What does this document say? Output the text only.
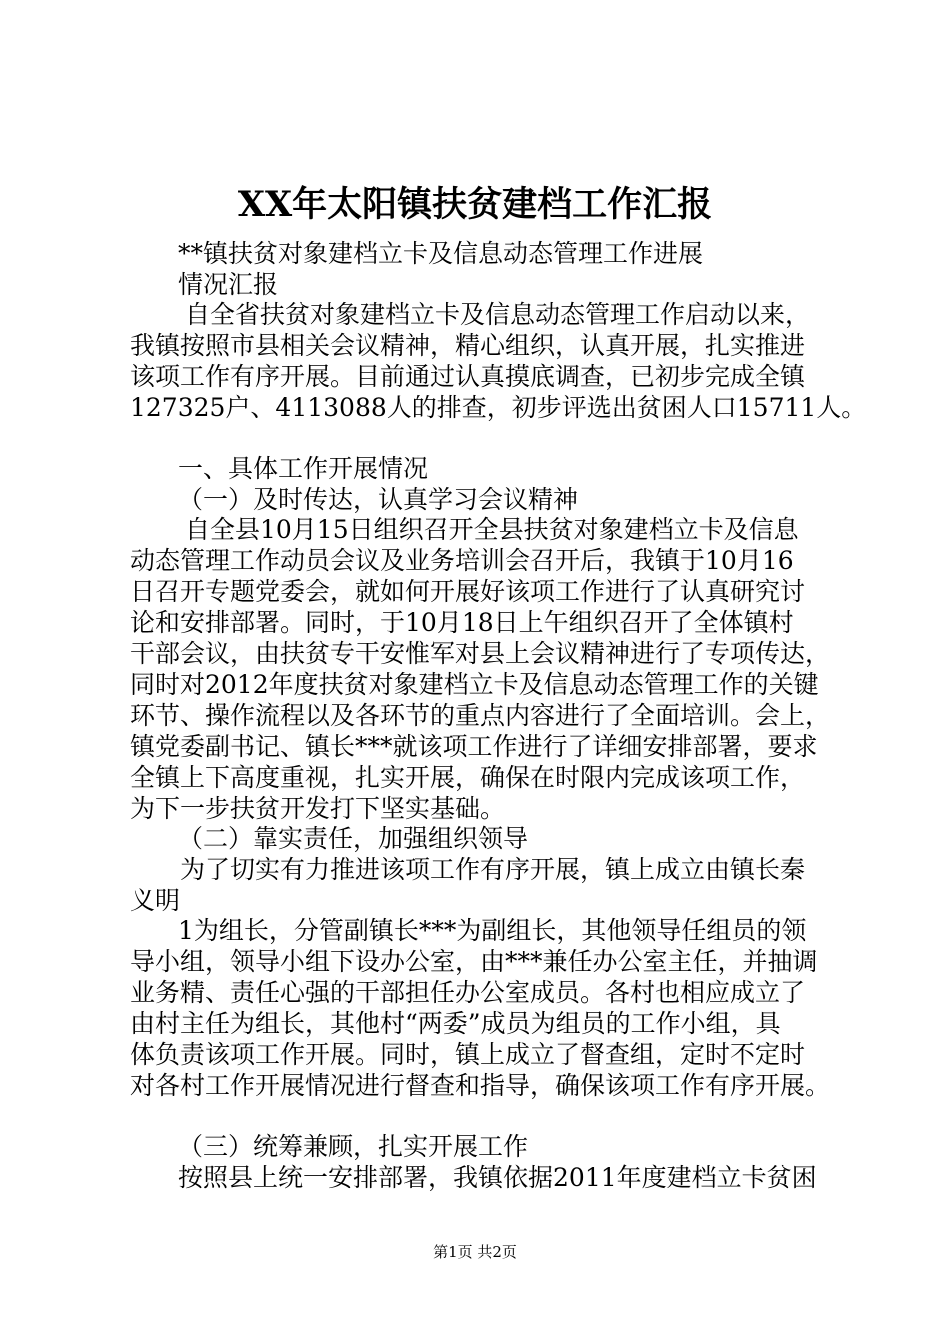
XX年太阳镇扶贫建档工作汇报
**镇扶贫对象建档立卡及信息动态管理工作进展
情况汇报
自全省扶贫对象建档立卡及信息动态管理工作启动以来，
我镇按照市县相关会议精神，精心组织，认真开展，扎实推进
该项工作有序开展。目前通过认真摸底调查，已初步完成全镇
127325户、4113088人的排查，初步评选出贫困人口15711人。
一、具体工作开展情况
（一）及时传达，认真学习会议精神
自全县10月15日组织召开全县扶贫对象建档立卡及信息
动态管理工作动员会议及业务培训会召开后，我镇于10月16
日召开专题党委会，就如何开展好该项工作进行了认真研究讨
论和安排部署。同时，于10月18日上午组织召开了全体镇村
干部会议，由扶贫专干安惟军对县上会议精神进行了专项传达，
同时对2012年度扶贫对象建档立卡及信息动态管理工作的关键
环节、操作流程以及各环节的重点内容进行了全面培训。会上，
镇党委副书记、镇长***就该项工作进行了详细安排部署，要求
全镇上下高度重视，扎实开展，确保在时限内完成该项工作，
为下一步扶贫开发打下坚实基础。
（二）靠实责任，加强组织领导
为了切实有力推进该项工作有序开展，镇上成立由镇长秦
义明
1为组长，分管副镇长***为副组长，其他领导任组员的领
导小组，领导小组下设办公室，由***兼任办公室主任，并抽调
业务精、责任心强的干部担任办公室成员。各村也相应成立了
由村主任为组长，其他村“两委”成员为组员的工作小组，具
体负责该项工作开展。同时，镇上成立了督查组，定时不定时
对各村工作开展情况进行督查和指导，确保该项工作有序开展。
（三）统筹兼顾，扎实开展工作
按照县上统一安排部署，我镇依据2011年度建档立卡贫困
第1页 共2页
